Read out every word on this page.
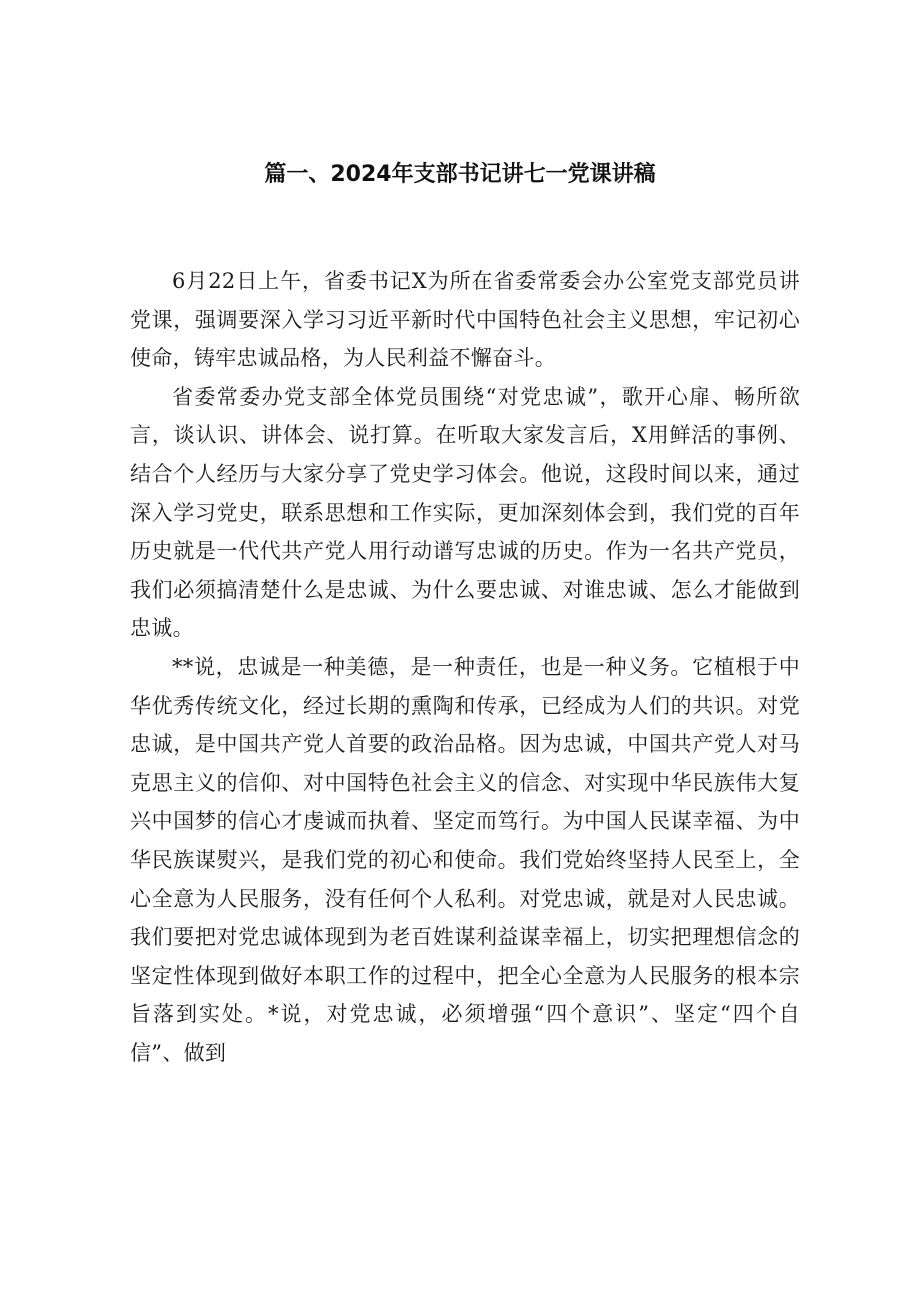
篇一、2024年支部书记讲七一党课讲稿

6月22日上午，省委书记X为所在省委常委会办公室党支部党员讲党课，强调要深入学习习近平新时代中国特色社会主义思想，牢记初心使命，铸牢忠诚品格，为人民利益不懈奋斗。

省委常委办党支部全体党员围绕“对党忠诚”，歌开心扉、畅所欲言，谈认识、讲体会、说打算。在听取大家发言后，X用鲜活的事例、结合个人经历与大家分享了党史学习体会。他说，这段时间以来，通过深入学习党史，联系思想和工作实际，更加深刻体会到，我们党的百年历史就是一代代共产党人用行动谱写忠诚的历史。作为一名共产党员，我们必须搞清楚什么是忠诚、为什么要忠诚、对谁忠诚、怎么才能做到忠诚。

**说，忠诚是一种美德，是一种责任，也是一种义务。它植根于中华优秀传统文化，经过长期的熏陶和传承，已经成为人们的共识。对党忠诚，是中国共产党人首要的政治品格。因为忠诚，中国共产党人对马克思主义的信仰、对中国特色社会主义的信念、对实现中华民族伟大复兴中国梦的信心才虔诚而执着、坚定而笃行。为中国人民谋幸福、为中华民族谋熨兴，是我们党的初心和使命。我们党始终坚持人民至上，全心全意为人民服务，没有任何个人私利。对党忠诚，就是对人民忠诚。我们要把对党忠诚体现到为老百姓谋利益谋幸福上，切实把理想信念的坚定性体现到做好本职工作的过程中，把全心全意为人民服务的根本宗旨落到实处。*说，对党忠诚，必须增强“四个意识”、坚定“四个自信”、做到
